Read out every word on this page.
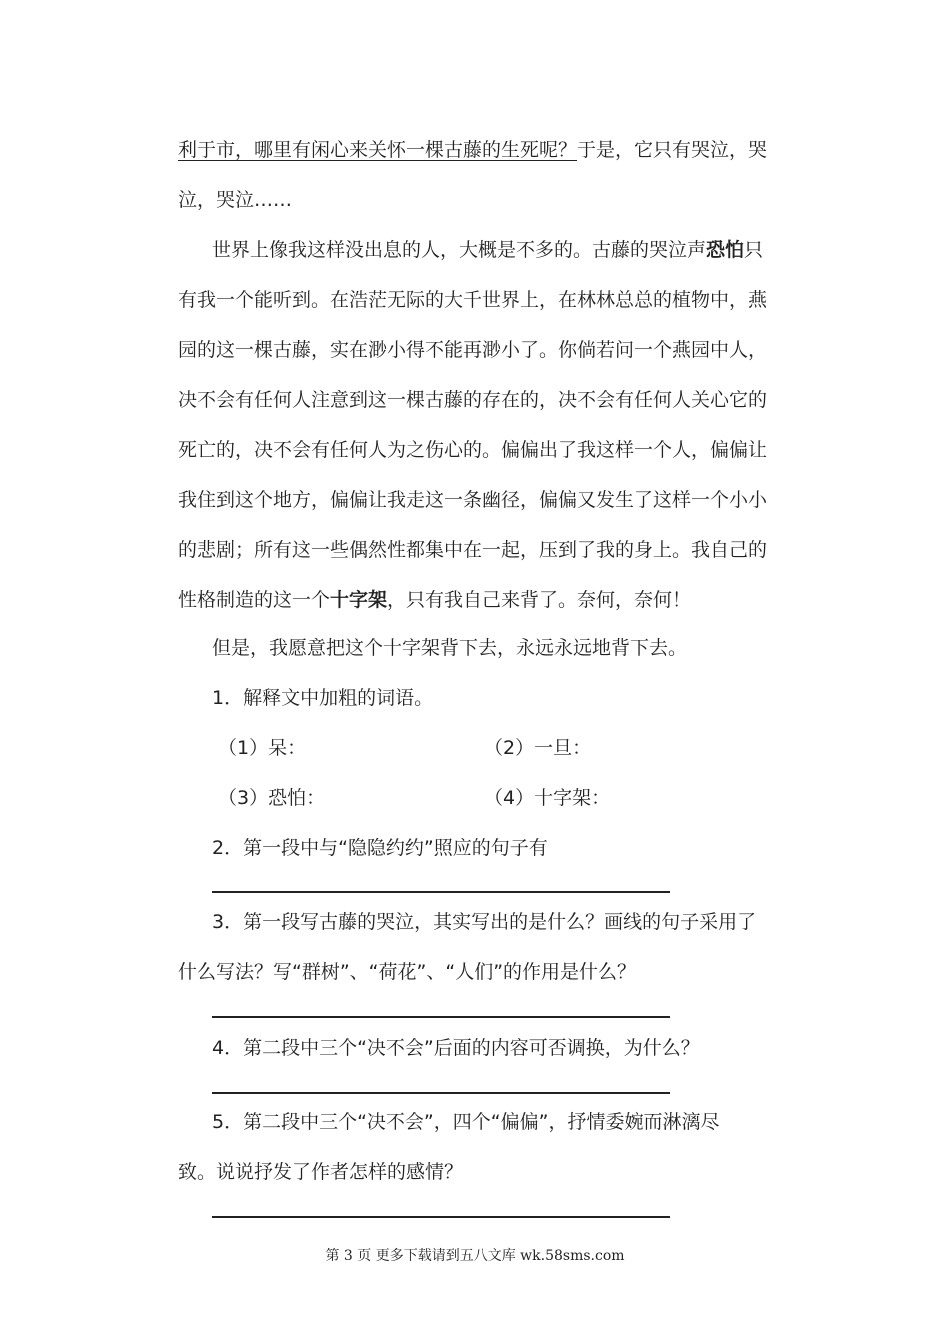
利于市，哪里有闲心来关怀一棵古藤的生死呢？于是，它只有哭泣，哭
泣，哭泣……
世界上像我这样没出息的人，大概是不多的。古藤的哭泣声恐怕只
有我一个能听到。在浩茫无际的大千世界上，在林林总总的植物中，燕
园的这一棵古藤，实在渺小得不能再渺小了。你倘若问一个燕园中人，
决不会有任何人注意到这一棵古藤的存在的，决不会有任何人关心它的
死亡的，决不会有任何人为之伤心的。偏偏出了我这样一个人，偏偏让
我住到这个地方，偏偏让我走这一条幽径，偏偏又发生了这样一个小小
的悲剧；所有这一些偶然性都集中在一起，压到了我的身上。我自己的
性格制造的这一个十字架，只有我自己来背了。奈何，奈何！
但是，我愿意把这个十字架背下去，永远永远地背下去。
1．解释文中加粗的词语。
（1）呆：	（2）一旦：
（3）恐怕：	（4）十字架：
2．第一段中与“隐隐约约”照应的句子有
3．第一段写古藤的哭泣，其实写出的是什么？画线的句子采用了
什么写法？写“群树”、“荷花”、“人们”的作用是什么？
4．第二段中三个“决不会”后面的内容可否调换，为什么？
5．第二段中三个“决不会”，四个“偏偏”，抒情委婉而淋漓尽
致。说说抒发了作者怎样的感情？
第 3 页 更多下载请到五八文库 wk.58sms.com
